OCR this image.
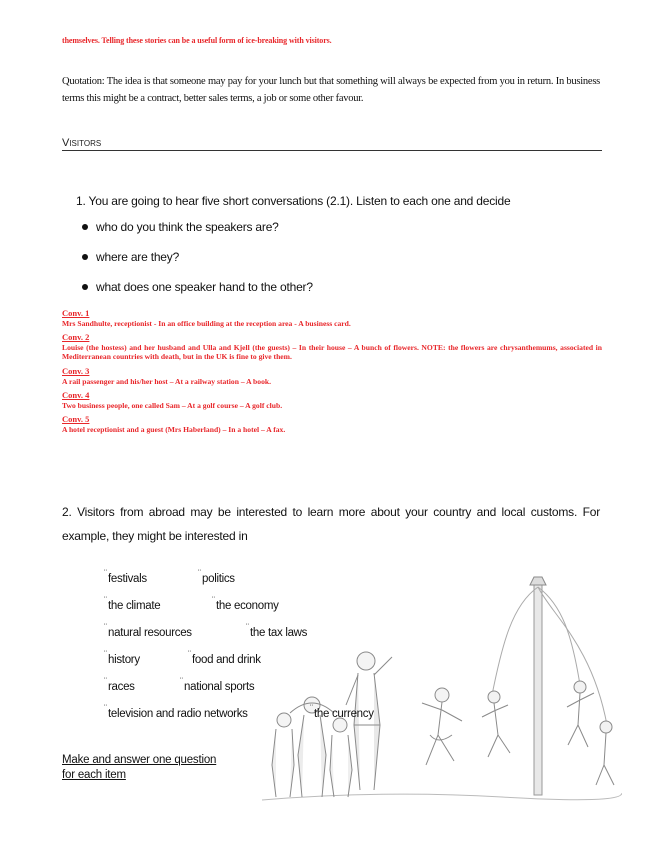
themselves. Telling these stories can be a useful form of ice-breaking with visitors.
Quotation: The idea is that someone may pay for your lunch but that something will always be expected from you in return. In business terms this might be a contract, better sales terms, a job or some other favour.
Visitors
1. You are going to hear five short conversations (2.1). Listen to each one and decide
who do you think the speakers are?
where are they?
what does one speaker hand to the other?
Conv. 1
Mrs Sandhulte, receptionist - In an office building at the reception area - A business card.
Conv. 2
Louise (the hostess) and her husband and Ulla and Kjell (the guests) – In their house – A bunch of flowers. NOTE: the flowers are chrysanthemums, associated in Mediterranean countries with death, but in the UK is fine to give them.
Conv. 3
A rail passenger and his/her host – At a railway station – A book.
Conv. 4
Two business people, one called Sam – At a golf course – A golf club.
Conv. 5
A hotel receptionist and a guest (Mrs Haberland) – In a hotel – A fax.
2. Visitors from abroad may be interested to learn more about your country and local customs. For example, they might be interested in
¨ festivals	¨ politics
¨ the climate	¨ the economy
¨ natural resources	¨ the tax laws
¨ history	¨ food and drink
¨ races	¨ national sports
¨ television and radio networks	¨ the currency
Make and answer one question
for each item
